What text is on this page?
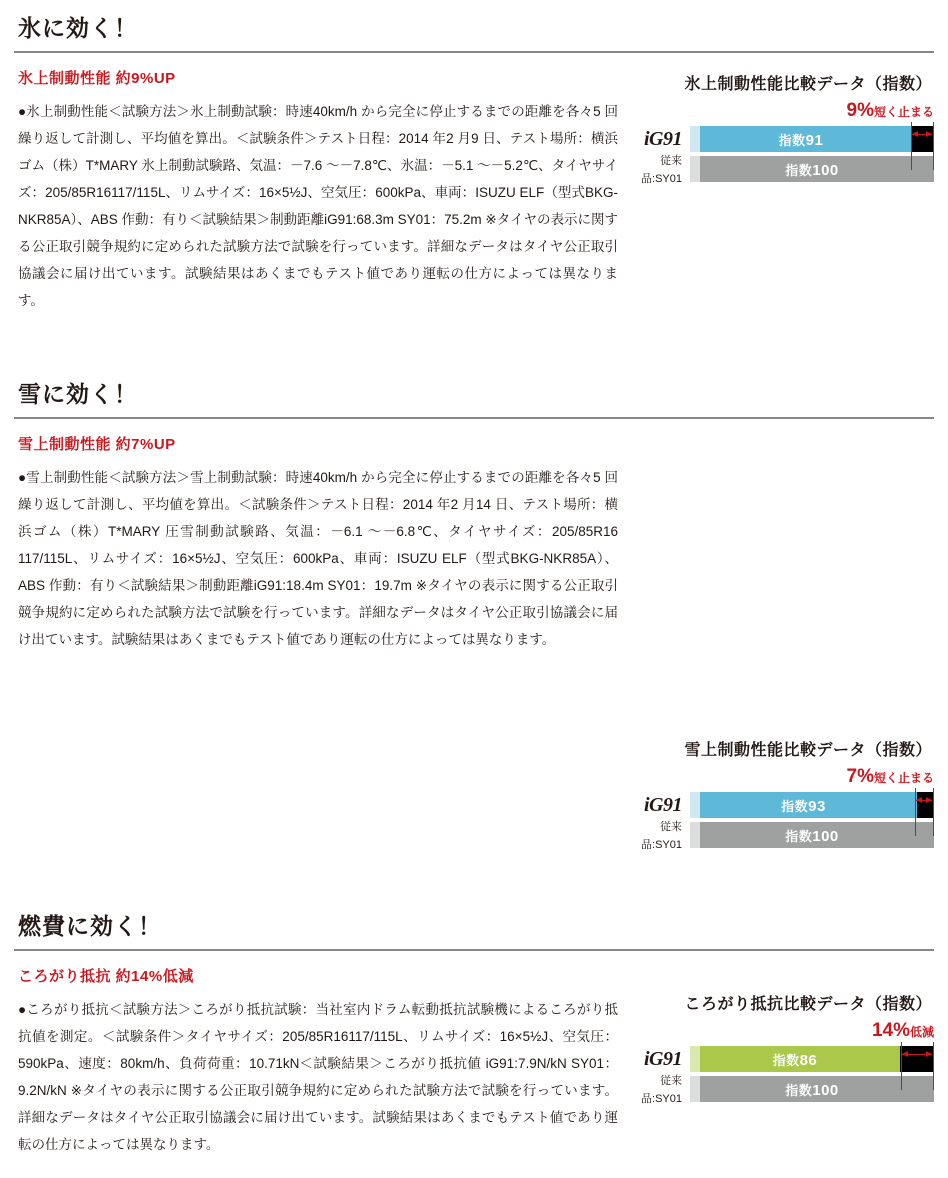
氷に効く！

氷上制動性能 約9%UP

●氷上制動性能＜試験方法＞氷上制動試験：時速40km/h から完全に停止するまでの距離を各々5 回繰り返して計測し、平均値を算出。＜試験条件＞テスト日程：2014 年2 月9 日、テスト場所：横浜ゴム（株）T*MARY 氷上制動試験路、気温：－7.6 ～－7.8℃、氷温：－5.1 ～－5.2℃、タイヤサイズ：205/85R16117/115L、リムサイズ：16×5½J、空気圧：600kPa、車両：ISUZU ELF（型式BKG-NKR85A）、ABS 作動：有り＜試験結果＞制動距離iG91:68.3m SY01：75.2m ※タイヤの表示に関する公正取引競争規約に定められた試験方法で試験を行っています。詳細なデータはタイヤ公正取引協議会に届け出ています。試験結果はあくまでもテスト値であり運転の仕方によっては異なります。

氷上制動性能比較データ（指数）
9%短く止まる
iG91	指数91
従来品:SY01
指数100
雪に効く！

雪上制動性能 約7%UP

●雪上制動性能＜試験方法＞雪上制動試験：時速40km/h から完全に停止するまでの距離を各々5 回繰り返して計測し、平均値を算出。＜試験条件＞テスト日程：2014 年2 月14 日、テスト場所：横浜ゴム（株）T*MARY 圧雪制動試験路、気温：－6.1 ～－6.8℃、タイヤサイズ：205/85R16 117/115L、リムサイズ：16×5½J、空気圧：600kPa、車両：ISUZU ELF（型式BKG-NKR85A）、ABS 作動：有り＜試験結果＞制動距離iG91:18.4m SY01：19.7m ※タイヤの表示に関する公正取引競争規約に定められた試験方法で試験を行っています。詳細なデータはタイヤ公正取引協議会に届け出ています。試験結果はあくまでもテスト値であり運転の仕方によっては異なります。

雪上制動性能比較データ（指数）
7%短く止まる
iG91	指数93
従来品:SY01
指数100
燃費に効く！

ころがり抵抗 約14%低減

●ころがり抵抗＜試験方法＞ころがり抵抗試験：当社室内ドラム転動抵抗試験機によるころがり抵抗値を測定。＜試験条件＞タイヤサイズ：205/85R16117/115L、リムサイズ：16×5½J、空気圧：590kPa、速度：80km/h、負荷荷重：10.71kN＜試験結果＞ころがり抵抗値 iG91:7.9N/kN SY01：9.2N/kN ※タイヤの表示に関する公正取引競争規約に定められた試験方法で試験を行っています。詳細なデータはタイヤ公正取引協議会に届け出ています。試験結果はあくまでもテスト値であり運転の仕方によっては異なります。

ころがり抵抗比較データ（指数）
14%低減
iG91	指数86
従来品:SY01
指数100
